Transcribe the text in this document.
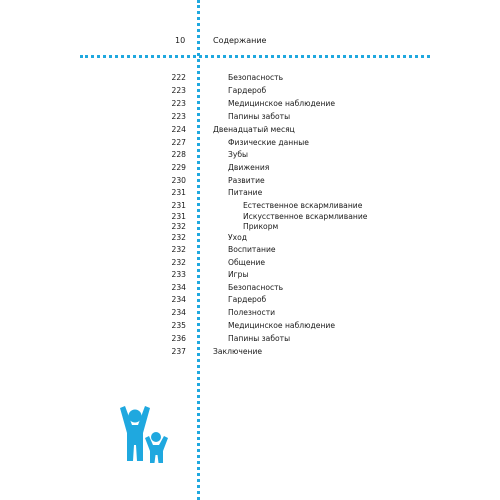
10	Содержание
222	Безопасность
223	Гардероб
223	Медицинское наблюдение
223	Папины заботы
224	Двенадцатый месяц
227	Физические данные
228	Зубы
229	Движения
230	Развитие
231	Питание
231	Естественное вскармливание
231	Искусственное вскармливание
232	Прикорм
232	Уход
232	Воспитание
232	Общение
233	Игры
234	Безопасность
234	Гардероб
234	Полезности
235	Медицинское наблюдение
236	Папины заботы
237	Заключение
